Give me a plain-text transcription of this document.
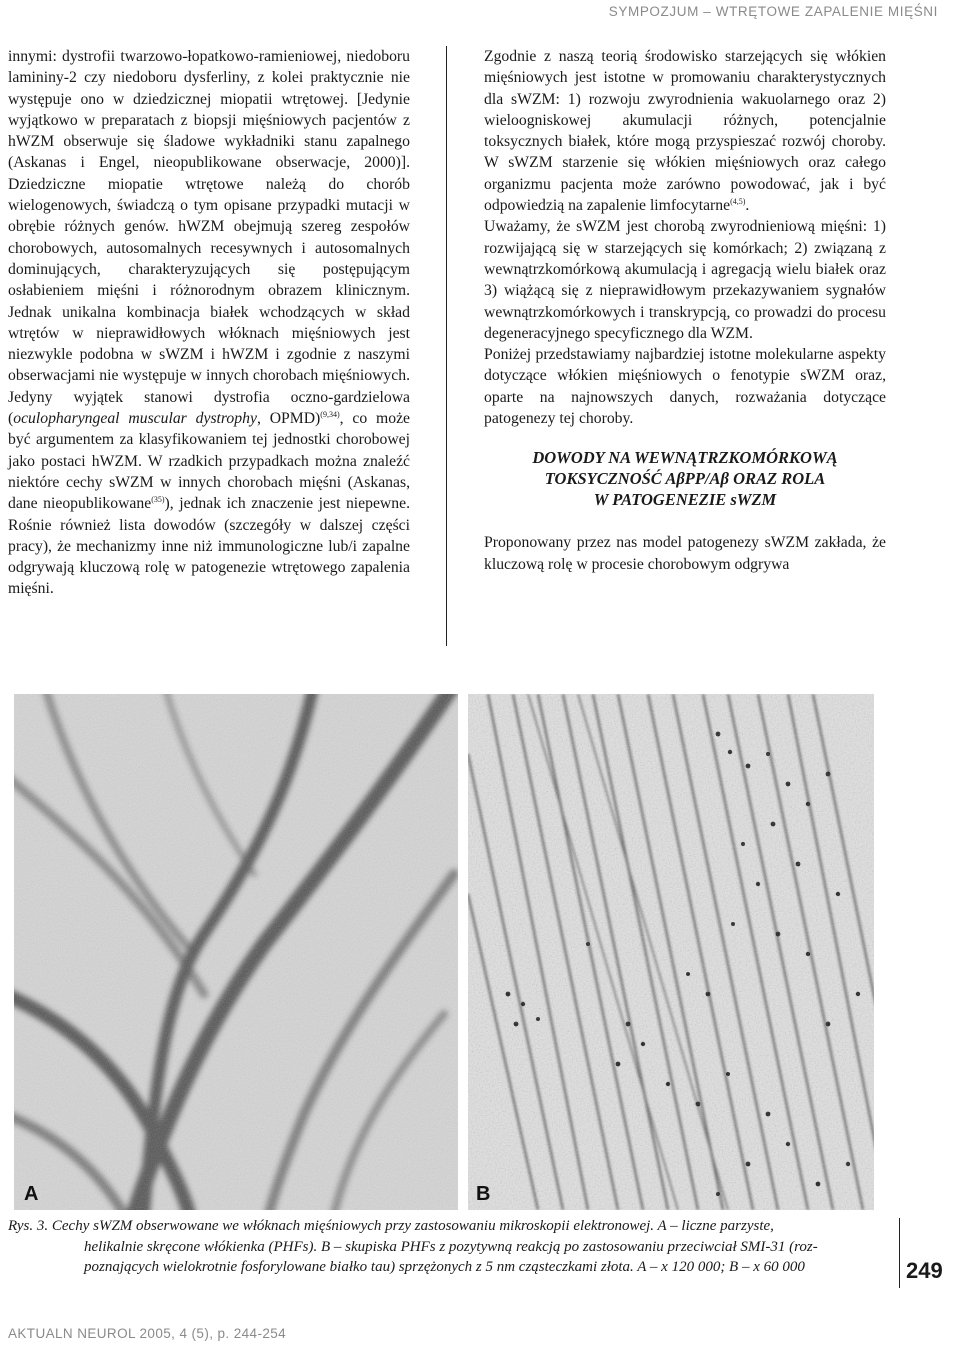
SYMPOZJUM – WTRĘTOWE ZAPALENIE MIĘŚNI

innymi: dystrofii twarzowo-łopatkowo-ramieniowej, niedoboru lamininy-2 czy niedoboru dysferliny, z kolei praktycznie nie występuje ono w dziedzicznej miopatii wtrętowej. [Jedynie wyjątkowo w preparatach z biopsji mięśniowych pacjentów z hWZM obserwuje się śladowe wykładniki stanu zapalnego (Askanas i Engel, nieopublikowane obserwacje, 2000)]. Dziedziczne miopatie wtrętowe należą do chorób wielogenowych, świadczą o tym opisane przypadki mutacji w obrębie różnych genów. hWZM obejmują szereg zespołów chorobowych, autosomalnych recesywnych i autosomalnych dominujących, charakteryzujących się postępującym osłabieniem mięśni i różnorodnym obrazem klinicznym. Jednak unikalna kombinacja białek wchodzących w skład wtrętów w nieprawidłowych włóknach mięśniowych jest niezwykle podobna w sWZM i hWZM i zgodnie z naszymi obserwacjami nie występuje w innych chorobach mięśniowych. Jedyny wyjątek stanowi dystrofia oczno-gardzielowa (oculopharyngeal muscular dystrophy, OPMD)$^{(9,34)}$, co może być argumentem za klasyfikowaniem tej jednostki chorobowej jako postaci hWZM. W rzadkich przypadkach można znaleźć niektóre cechy sWZM w innych chorobach mięśni (Askanas, dane nieopublikowane$^{(35)}$), jednak ich znaczenie jest niepewne. Rośnie również lista dowodów (szczegóły w dalszej części pracy), że mechanizmy inne niż immunologiczne lub/i zapalne odgrywają kluczową rolę w patogenezie wtrętowego zapalenia mięśni.

Zgodnie z naszą teorią środowisko starzejących się włókien mięśniowych jest istotne w promowaniu charakterystycznych dla sWZM: 1) rozwoju zwyrodnienia wakuolarnego oraz 2) wieloogniskowej akumulacji różnych, potencjalnie toksycznych białek, które mogą przyspieszać rozwój choroby. W sWZM starzenie się włókien mięśniowych oraz całego organizmu pacjenta może zarówno powodować, jak i być odpowiedzią na zapalenie limfocytarne$^{(4,5)}$.

Uważamy, że sWZM jest chorobą zwyrodnieniową mięśni: 1) rozwijającą się w starzejących się komórkach; 2) związaną z wewnątrzkomórkową akumulacją i agregacją wielu białek oraz 3) wiążącą się z nieprawidłowym przekazywaniem sygnałów wewnątrzkomórkowych i transkrypcją, co prowadzi do procesu degeneracyjnego specyficznego dla WZM.

Poniżej przedstawiamy najbardziej istotne molekularne aspekty dotyczące włókien mięśniowych o fenotypie sWZM oraz, oparte na najnowszych danych, rozważania dotyczące patogenezy tej choroby.

DOWODY NA WEWNĄTRZKOMÓRKOWĄ
TOKSYCZNOŚĆ AβPP/Aβ ORAZ ROLA
W PATOGENEZIE sWZM

Proponowany przez nas model patogenezy sWZM zakłada, że kluczową rolę w procesie chorobowym odgrywa

A	B
Rys. 3. Cechy sWZM obserwowane we włóknach mięśniowych przy zastosowaniu mikroskopii elektronowej. A – liczne parzyste,
helikalnie skręcone włókienka (PHFs). B – skupiska PHFs z pozytywną reakcją po zastosowaniu przeciwciał SMI-31 (roz-
poznających wielokrotnie fosforylowane białko tau) sprzężonych z 5 nm cząsteczkami złota. A – x 120 000; B – x 60 000	249
AKTUALN NEUROL 2005, 4 (5), p. 244-254
